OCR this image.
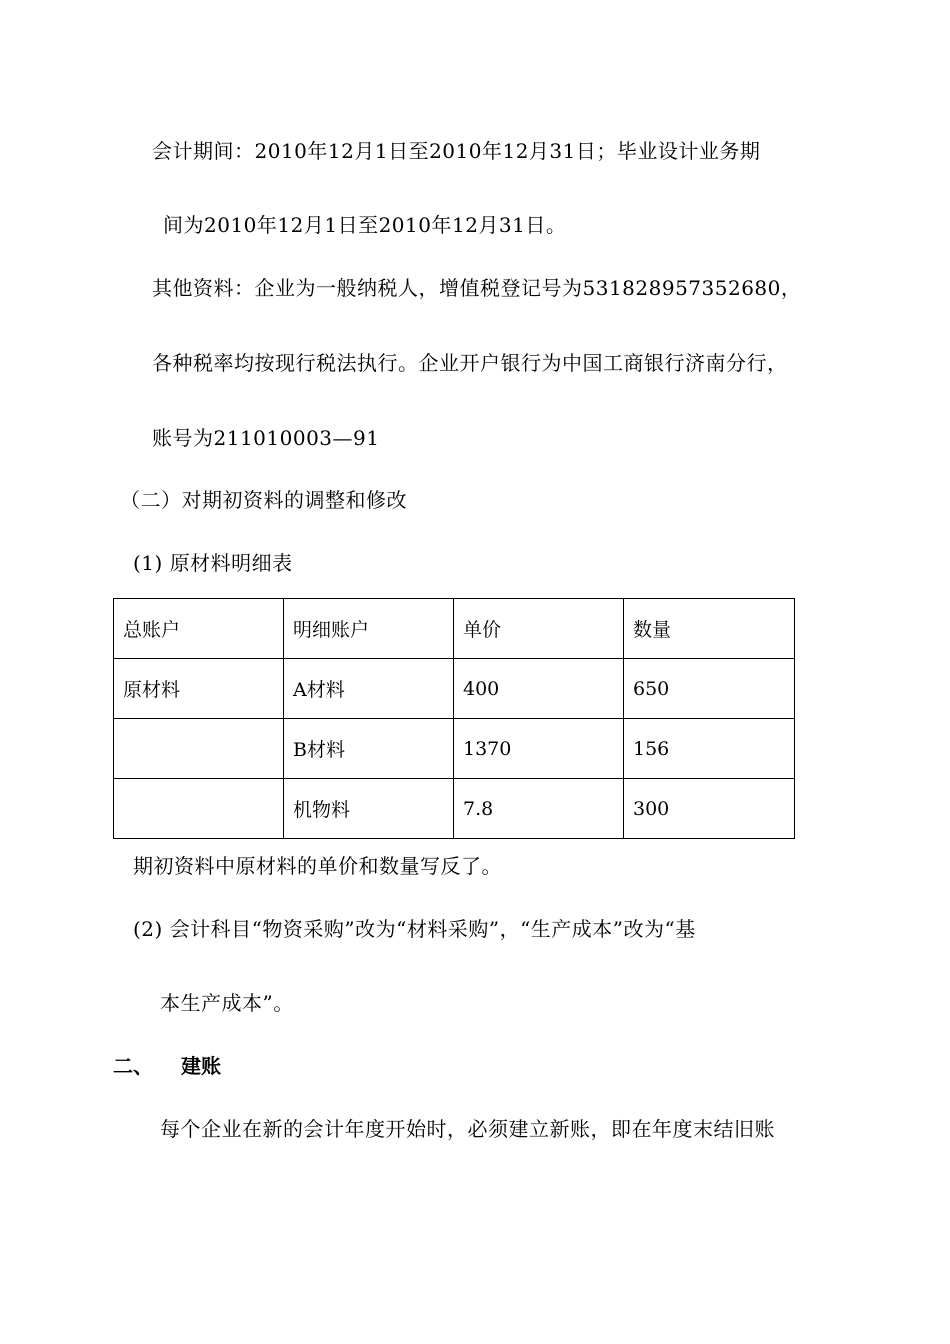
会计期间：2010年12月1日至2010年12月31日；毕业设计业务期
间为2010年12月1日至2010年12月31日。
其他资料：企业为一般纳税人，增值税登记号为531828957352680，
各种税率均按现行税法执行。企业开户银行为中国工商银行济南分行，
账号为211010003—91
（二）对期初资料的调整和修改
(1) 原材料明细表
总账户	明细账户	单价	数量
原材料	A材料	400	650
	B材料	1370	156
	机物料	7.8	300
期初资料中原材料的单价和数量写反了。
(2) 会计科目“物资采购”改为“材料采购”，“生产成本”改为“基
本生产成本”。
二、 建账
每个企业在新的会计年度开始时，必须建立新账，即在年度末结旧账
